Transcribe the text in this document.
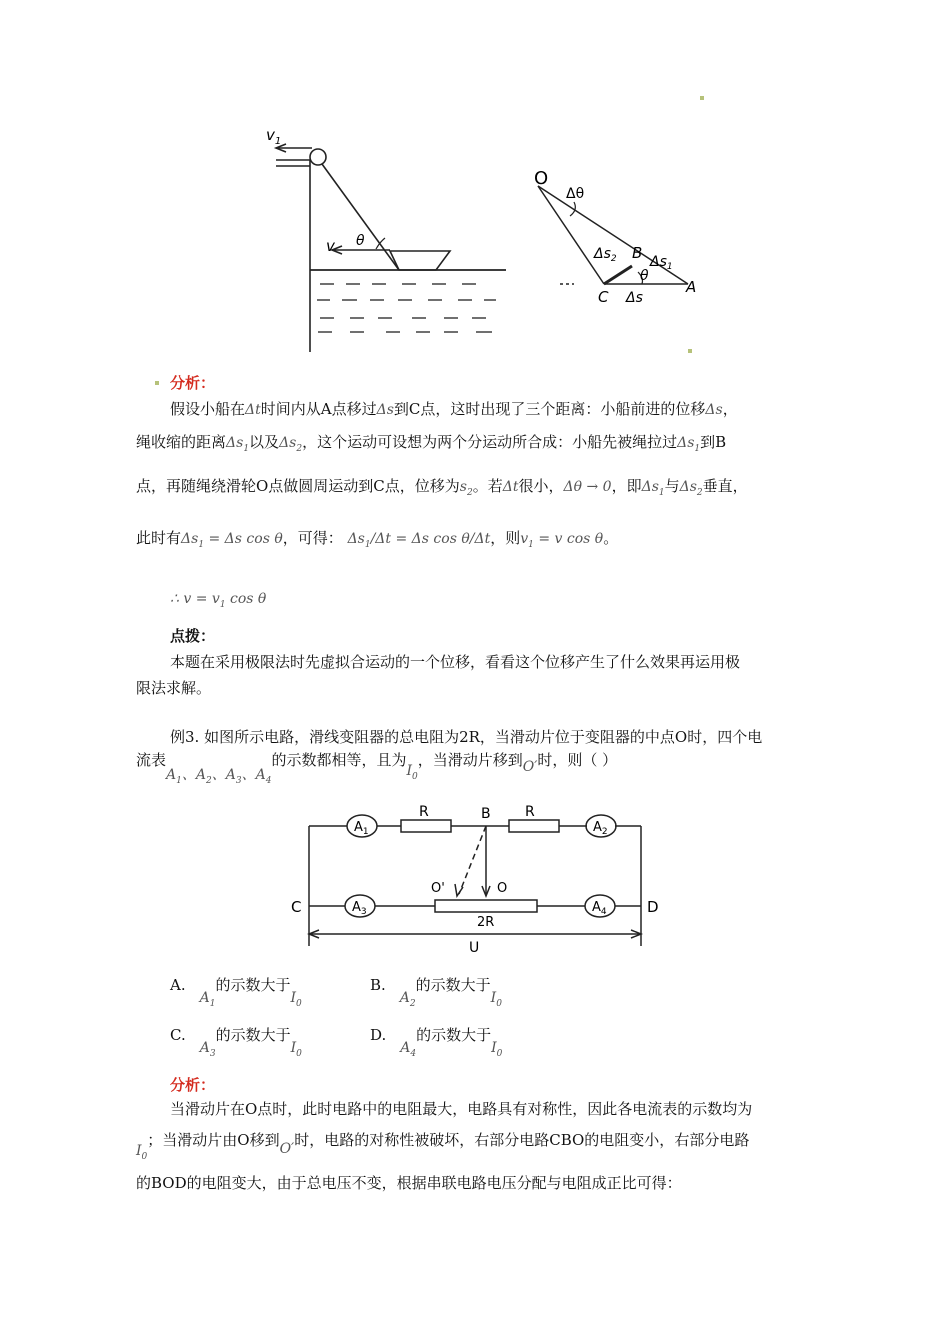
$v_1$
v θ
O
Δθ
B
$\Delta s_2$ $\Delta s_1$
θ
C
A
Δs
分析：
假设小船在Δt时间内从A点移过Δs到C点，这时出现了三个距离：小船前进的位移Δs，
绳收缩的距离$\Delta s_1$以及$\Delta s_2$，这个运动可设想为两个分运动所合成：小船先被绳拉过$\Delta s_1$到B
点，再随绳绕滑轮O点做圆周运动到C点，位移为$s_2$。若Δt很小，Δθ → 0，即$\Delta s_1$与$\Delta s_2$垂直，
此时有$\Delta s_1 = \Delta s$ cos θ，可得： $\Delta s_1/\Delta t = \Delta s$ cos θ/Δt，则$v_1 = v$ cos θ。
∴ $v = v_1$ cos θ
点拨：
本题在采用极限法时先虚拟合运动的一个位移，看看这个位移产生了什么效果再运用极
限法求解。
例3. 如图所示电路，滑线变阻器的总电阻为2R，当滑动片位于变阻器的中点O时，四个电
流表$A_1$、$A_2$、$A_3$、$A_4$的示数都相等，且为$I_0$，当滑动片移到O′时，则（ ）
R	R
B
O'	O
2R
C	D
U
$A_1$	$A_2$
$A_3$	$A_4$
$A.A_1$的示数大于$I_0$
$B.A_2$的示数大于$I_0$
$C.A_3$的示数大于$I_0$
$D.A_4$的示数大于$I_0$
分析：
当滑动片在O点时，此时电路中的电阻最大，电路具有对称性，因此各电流表的示数均为
$I_0$；当滑动片由O移到O′时，电路的对称性被破坏，右部分电路CBO的电阻变小，右部分电路
的BOD的电阻变大，由于总电压不变，根据串联电路电压分配与电阻成正比可得：
